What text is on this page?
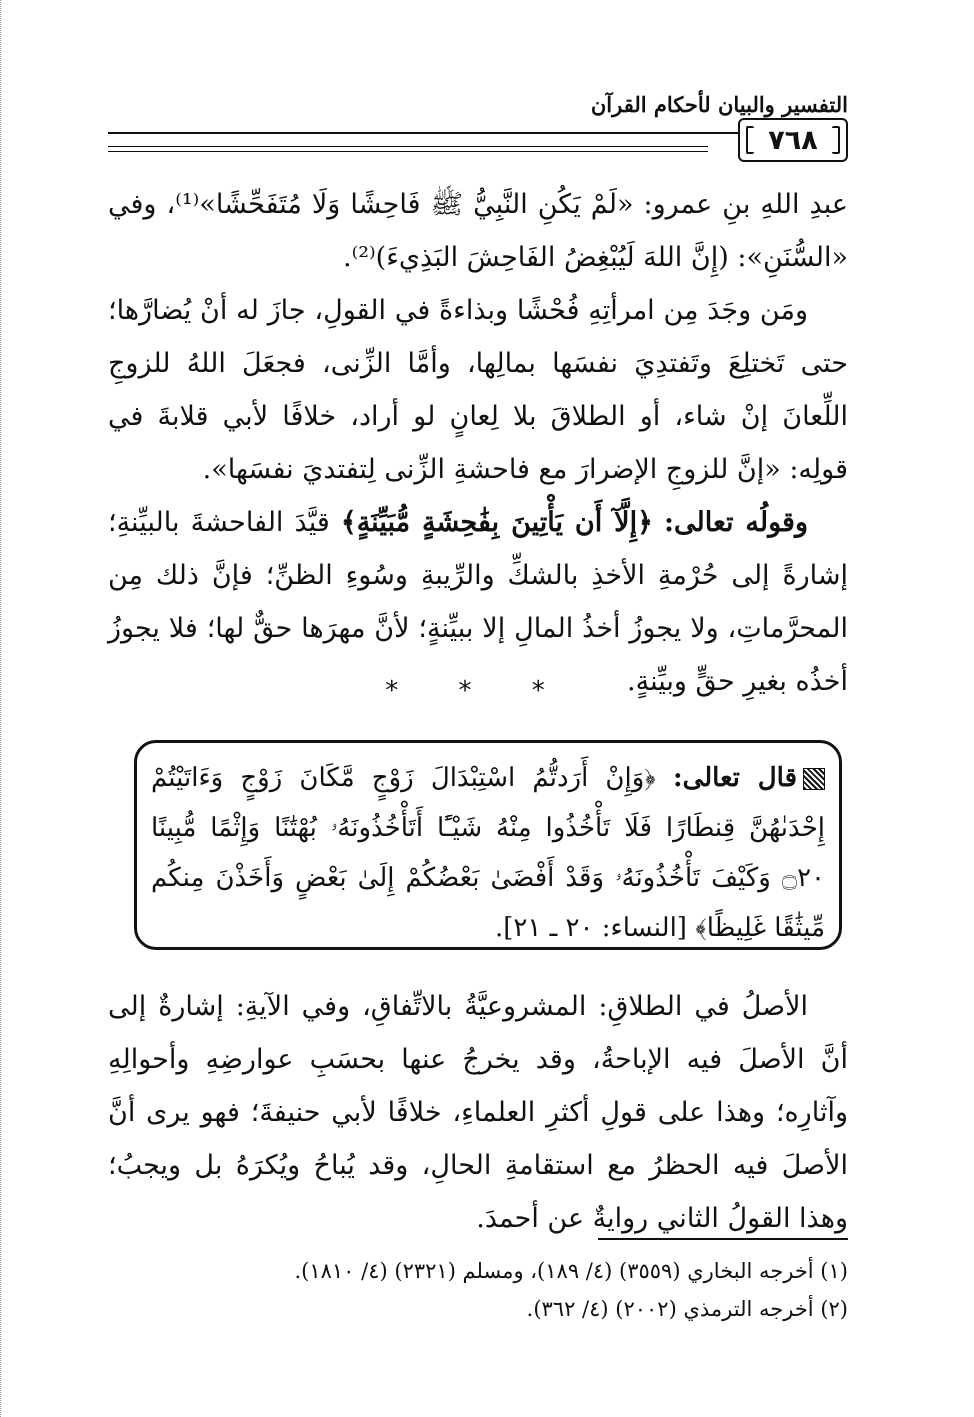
التفسير والبيان لأحكام القرآن
٧٦٨

عبدِ اللهِ بنِ عمرو: «لَمْ يَكُنِ النَّبِيُّ ﷺ فَاحِشًا وَلَا مُتَفَحِّشًا»⁽¹⁾، وفي «السُّنَنِ»: (إِنَّ اللهَ لَيُبْغِضُ الفَاحِشَ البَذِيءَ)⁽²⁾.

ومَن وجَدَ مِن امرأتِهِ فُحْشًا وبذاءةً في القولِ، جازَ له أنْ يُضارَّها؛ حتى تَختلِعَ وتَفتدِيَ نفسَها بمالِها، وأمَّا الزِّنى، فجعَلَ اللهُ للزوجِ اللِّعانَ إنْ شاء، أو الطلاقَ بلا لِعانٍ لو أراد، خلافًا لأبي قلابةَ في قولِه: «إنَّ للزوجِ الإضرارَ مع فاحشةِ الزِّنى لِتفتديَ نفسَها».

وقولُه تعالى: ﴿إِلَّآ أَن يَأْتِينَ بِفَٰحِشَةٍ مُّبَيِّنَةٍ﴾ قيَّدَ الفاحشةَ بالبيِّنةِ؛ إشارةً إلى حُرْمةِ الأخذِ بالشكِّ والرِّيبةِ وسُوءِ الظنِّ؛ فإنَّ ذلك مِن المحرَّماتِ، ولا يجوزُ أخذُ المالِ إلا ببيِّنةٍ؛ لأنَّ مهرَها حقٌّ لها؛ فلا يجوزُ أخذُه بغيرِ حقٍّ وبيِّنةٍ.

* * *
قال تعالى: ﴿وَإِنْ أَرَدتُّمُ اسْتِبْدَالَ زَوْجٍ مَّكَانَ زَوْجٍ وَءَاتَيْتُمْ إِحْدَىٰهُنَّ قِنطَارًا فَلَا تَأْخُذُوا مِنْهُ شَيْـًٔا أَتَأْخُذُونَهُۥ بُهْتَٰنًا وَإِثْمًا مُّبِينًا ۝٢٠ وَكَيْفَ تَأْخُذُونَهُۥ وَقَدْ أَفْضَىٰ بَعْضُكُمْ إِلَىٰ بَعْضٍ وَأَخَذْنَ مِنكُم مِّيثَٰقًا غَلِيظًا﴾ [النساء: ٢٠ ـ ٢١].

الأصلُ في الطلاقِ: المشروعيَّةُ بالاتِّفاقِ، وفي الآيةِ: إشارةٌ إلى أنَّ الأصلَ فيه الإباحةُ، وقد يخرجُ عنها بحسَبِ عوارضِهِ وأحوالِهِ وآثارِه؛ وهذا على قولِ أكثرِ العلماءِ، خلافًا لأبي حنيفةَ؛ فهو يرى أنَّ الأصلَ فيه الحظرُ مع استقامةِ الحالِ، وقد يُباحُ ويُكرَهُ بل ويجبُ؛ وهذا القولُ الثاني روايةٌ عن أحمدَ.

(١) أخرجه البخاري (٣٥٥٩) (٤/ ١٨٩)، ومسلم (٢٣٢١) (٤/ ١٨١٠).

(٢) أخرجه الترمذي (٢٠٠٢) (٤/ ٣٦٢).
